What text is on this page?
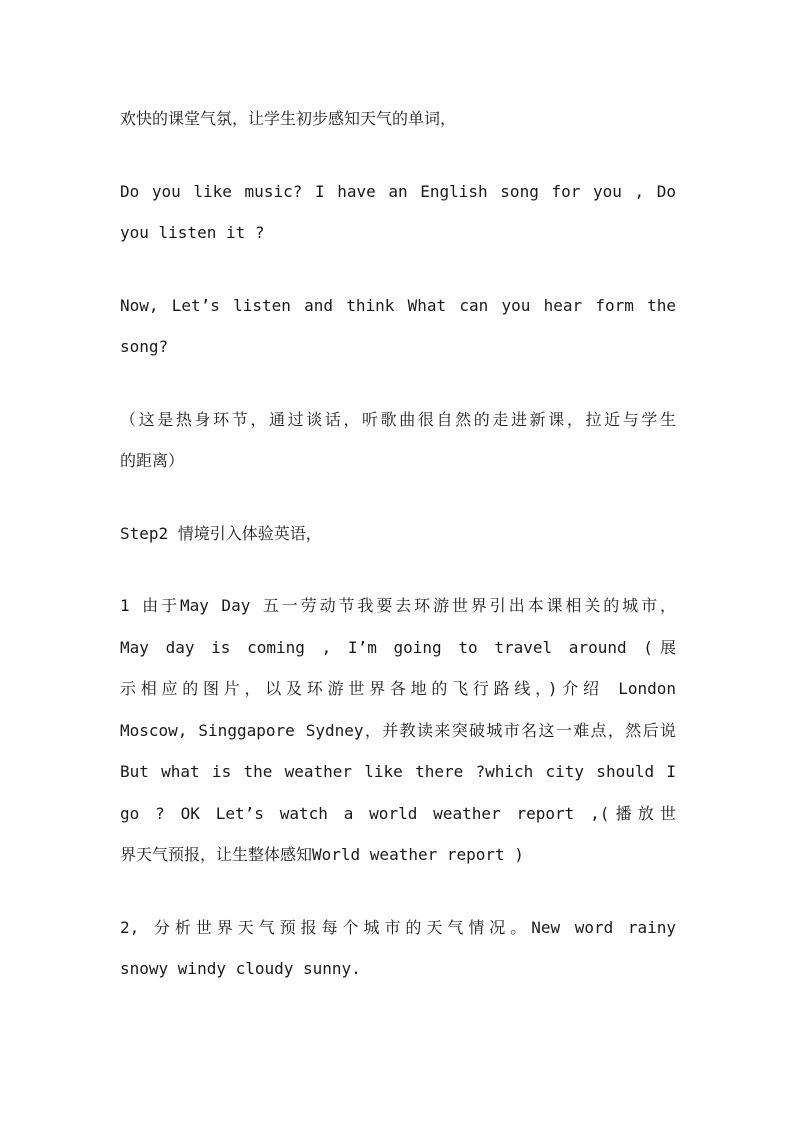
欢快的课堂气氛，让学生初步感知天气的单词，

Do you like music? I have an English song for you , Do
you listen it ?

Now, Let’s listen and think What can you hear form the
song?

（这是热身环节，通过谈话，听歌曲很自然的走进新课，拉近与学生
的距离）

Step2 情境引入体验英语，

1 由于May Day 五一劳动节我要去环游世界引出本课相关的城市，
May day is coming , I’m going to travel around (展
示相应的图片，以及环游世界各地的飞行路线，)介绍 London
Moscow, Singgapore Sydney，并教读来突破城市名这一难点，然后说
But what is the weather like there ?which city should I
go ? OK Let’s watch a world weather report ,(播放世
界天气预报，让生整体感知World weather report )

2, 分析世界天气预报每个城市的天气情况。New word rainy
snowy windy cloudy sunny.
